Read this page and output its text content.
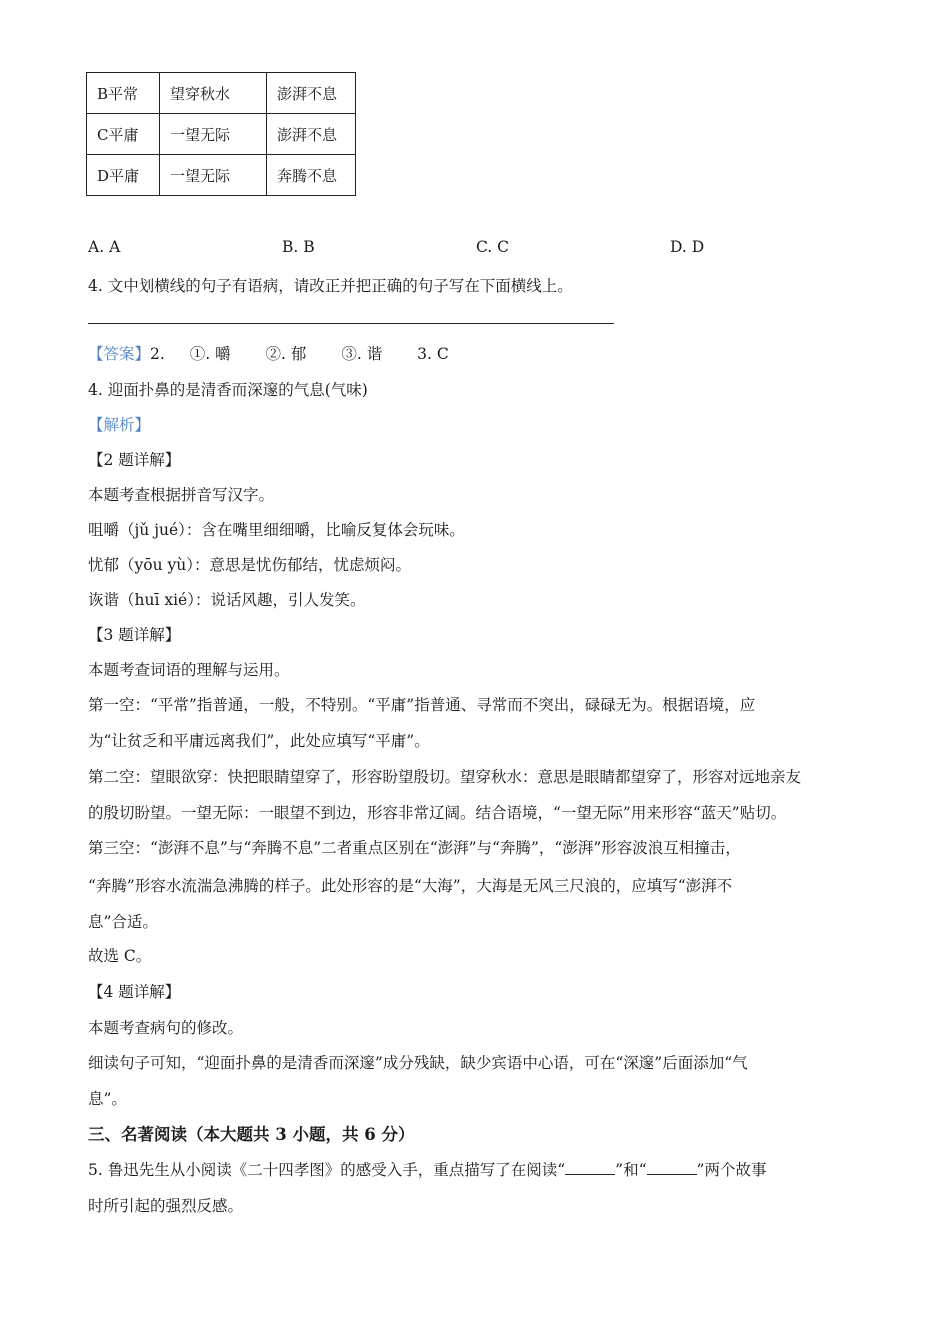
B平常	望穿秋水	澎湃不息
C平庸	一望无际	澎湃不息
D平庸	一望无际	奔腾不息
A. A	B. B	C. C	D. D
4. 文中划横线的句子有语病，请改正并把正确的句子写在下面横线上。
【答案】2. ①. 嚼 ②. 郁 ③. 谐 3. C
4. 迎面扑鼻的是清香而深邃的气息(气味)
【解析】
【2 题详解】
本题考查根据拼音写汉字。
咀嚼（jǔ jué）：含在嘴里细细嚼，比喻反复体会玩味。
忧郁（yōu yù）：意思是忧伤郁结，忧虑烦闷。
诙谐（huī xié）：说话风趣，引人发笑。
【3 题详解】
本题考查词语的理解与运用。
第一空：“平常”指普通，一般，不特别。“平庸”指普通、寻常而不突出，碌碌无为。根据语境，应
为“让贫乏和平庸远离我们”，此处应填写“平庸”。
第二空：望眼欲穿：快把眼睛望穿了，形容盼望殷切。望穿秋水：意思是眼睛都望穿了，形容对远地亲友
的殷切盼望。一望无际：一眼望不到边，形容非常辽阔。结合语境，“一望无际”用来形容“蓝天”贴切。
第三空：“澎湃不息”与“奔腾不息”二者重点区别在“澎湃”与“奔腾”，“澎湃”形容波浪互相撞击，
“奔腾”形容水流湍急沸腾的样子。此处形容的是“大海”，大海是无风三尺浪的，应填写“澎湃不
息”合适。
故选 C。
【4 题详解】
本题考查病句的修改。
细读句子可知，“迎面扑鼻的是清香而深邃”成分残缺，缺少宾语中心语，可在“深邃”后面添加“气
息”。
三、名著阅读（本大题共 3 小题，共 6 分）
5. 鲁迅先生从小阅读《二十四孝图》的感受入手，重点描写了在阅读“	”和“	”两个故事
时所引起的强烈反感。
